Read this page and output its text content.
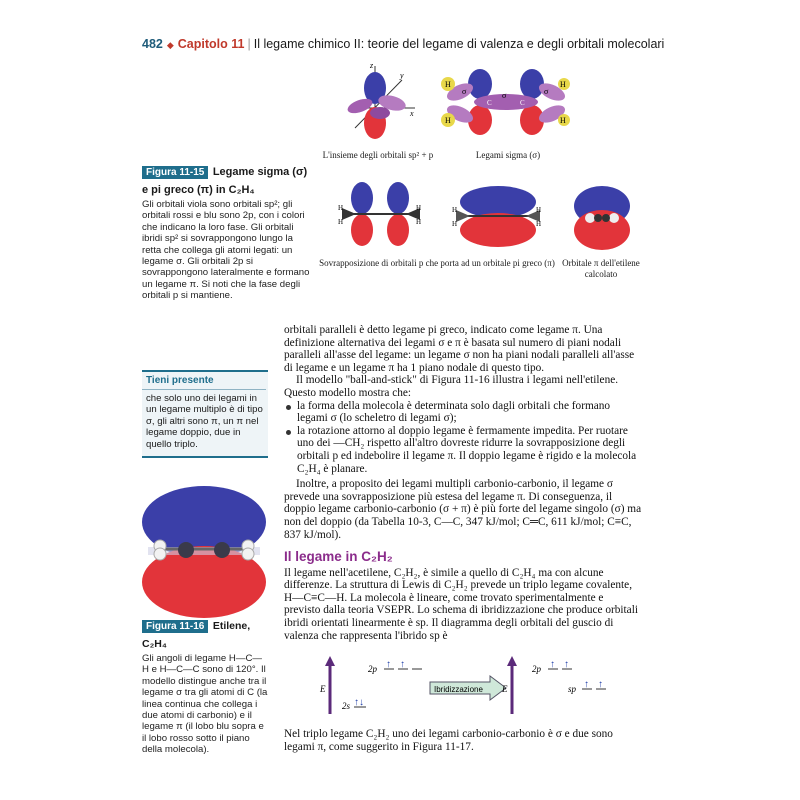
482 ◆ Capitolo 11 | Il legame chimico II: teorie del legame di valenza e degli orbitali molecolari
z
y
x
H
H
H
H
C	C
σ
σ	σ
L'insieme degli orbitali sp² + p	Legami sigma (σ)
H
H
H
H
H
H
H
H
Sovrapposizione di orbitali p che porta ad un orbitale pi greco (π) Orbitale π dell'etilene calcolato
Figura 11-15 Legame sigma (σ) e pi greco (π) in C₂H₄
Gli orbitali viola sono orbitali sp²; gli orbitali rossi e blu sono 2p, con i colori che indicano la loro fase. Gli orbitali ibridi sp² si sovrappongono lungo la retta che collega gli atomi legati: un legame σ. Gli orbitali 2p si sovrappongono lateralmente e formano un legame π. Si noti che la fase degli orbitali p si mantiene.
Tieni presente
che solo uno dei legami in un legame multiplo è di tipo σ, gli altri sono π, un π nel legame doppio, due in quello triplo.
Figura 11-16 Etilene, C₂H₄
Gli angoli di legame H—C—H e H—C—C sono di 120°. Il modello distingue anche tra il legame σ tra gli atomi di C (la linea continua che collega i due atomi di carbonio) e il legame π (il lobo blu sopra e il lobo rosso sotto il piano della molecola).

orbitali paralleli è detto legame pi greco, indicato come legame π. Una definizione alternativa dei legami σ e π è basata sul numero di piani nodali paralleli all'asse del legame: un legame σ non ha piani nodali paralleli all'asse di legame e un legame π ha 1 piano nodale di questo tipo.

Il modello "ball-and-stick" di Figura 11-16 illustra i legami nell'etilene. Questo modello mostra che:

la forma della molecola è determinata solo dagli orbitali che formano legami σ (lo scheletro di legami σ);
la rotazione attorno al doppio legame è fermamente impedita. Per ruotare uno dei —CH₂ rispetto all'altro dovreste ridurre la sovrapposizione degli orbitali p ed indebolire il legame π. Il doppio legame è rigido e la molecola C₂H₄ è planare.

Inoltre, a proposito dei legami multipli carbonio-carbonio, il legame σ prevede una sovrapposizione più estesa del legame π. Di conseguenza, il doppio legame carbonio-carbonio (σ + π) è più forte del legame singolo (σ) ma non del doppio (da Tabella 10-3, C—C, 347 kJ/mol; C═C, 611 kJ/mol; C≡C, 837 kJ/mol).

Il legame in C₂H₂

Il legame nell'acetilene, C₂H₂, è simile a quello di C₂H₄ ma con alcune differenze. La struttura di Lewis di C₂H₂ prevede un triplo legame covalente, H—C≡C—H. La molecola è lineare, come trovato sperimentalmente e previsto dalla teoria VSEPR. Lo schema di ibridizzazione che produce orbitali ibridi orientati linearmente è sp. Il diagramma degli orbitali del guscio di valenza che rappresenta l'ibrido sp è

E
2p ↑ ↑
2s ↑↓
Ibridizzazione E
2p ↑ ↑
sp ↑ ↑
Nel triplo legame C₂H₂ uno dei legami carbonio-carbonio è σ e due sono legami π, come suggerito in Figura 11-17.
